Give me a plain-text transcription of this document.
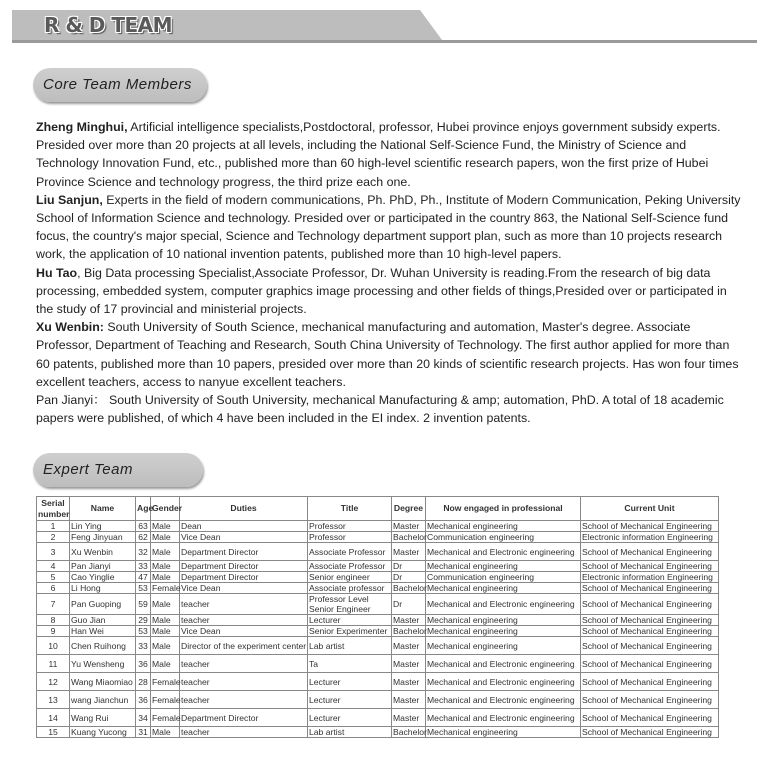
R & D TEAM
Core Team Members

Zheng Minghui, Artificial intelligence specialists,Postdoctoral, professor, Hubei province enjoys government subsidy experts. Presided over more than 20 projects at all levels, including the National Self-Science Fund, the Ministry of Science and Technology Innovation Fund, etc., published more than 60 high-level scientific research papers, won the first prize of Hubei Province Science and technology progress, the third prize each one.

Liu Sanjun, Experts in the field of modern communications, Ph. PhD, Ph., Institute of Modern Communication, Peking University School of Information Science and technology. Presided over or participated in the country 863, the National Self-Science fund focus, the country's major special, Science and Technology department support plan, such as more than 10 projects research work, the application of 10 national invention patents, published more than 10 high-level papers.

Hu Tao, Big Data processing Specialist,Associate Professor, Dr. Wuhan University is reading.From the research of big data processing, embedded system, computer graphics image processing and other fields of things,Presided over or participated in the study of 17 provincial and ministerial projects.

Xu Wenbin: South University of South Science, mechanical manufacturing and automation, Master's degree. Associate Professor, Department of Teaching and Research, South China University of Technology. The first author applied for more than 60 patents, published more than 10 papers, presided over more than 20 kinds of scientific research projects. Has won four times excellent teachers, access to nanyue excellent teachers.

Pan Jianyi： South University of South University, mechanical Manufacturing & amp; automation, PhD. A total of 18 academic papers were published, of which 4 have been included in the EI index. 2 invention patents.

Expert Team
Serial number	Name	Age	Gender	Duties	Title	Degree	Now engaged in professional	Current Unit
1	Lin Ying	63	Male	Dean	Professor	Master	Mechanical engineering	School of Mechanical Engineering
2	Feng Jinyuan	62	Male	Vice Dean	Professor	Bachelor	Communication engineering	Electronic information Engineering
3	Xu Wenbin	32	Male	Department Director	Associate Professor	Master	Mechanical and Electronic engineering	School of Mechanical Engineering
4	Pan Jianyi	33	Male	Department Director	Associate Professor	Dr	Mechanical engineering	School of Mechanical Engineering
5	Cao Yinglie	47	Male	Department Director	Senior engineer	Dr	Communication engineering	Electronic information Engineering
6	Li Hong	53	Female	Vice Dean	Associate professor	Bachelor	Mechanical engineering	School of Mechanical Engineering
7	Pan Guoping	59	Male	teacher	Professor Level Senior Engineer	Dr	Mechanical and Electronic engineering	School of Mechanical Engineering
8	Guo Jian	29	Male	teacher	Lecturer	Master	Mechanical engineering	School of Mechanical Engineering
9	Han Wei	53	Male	Vice Dean	Senior Experimenter	Bachelor	Mechanical engineering	School of Mechanical Engineering
10	Chen Ruihong	33	Male	Director of the experiment center	Lab artist	Master	Mechanical engineering	School of Mechanical Engineering
11	Yu Wensheng	36	Male	teacher	Ta	Master	Mechanical and Electronic engineering	School of Mechanical Engineering
12	Wang Miaomiao	28	Female	teacher	Lecturer	Master	Mechanical and Electronic engineering	School of Mechanical Engineering
13	wang Jianchun	36	Female	teacher	Lecturer	Master	Mechanical and Electronic engineering	School of Mechanical Engineering
14	Wang Rui	34	Female	Department Director	Lecturer	Master	Mechanical and Electronic engineering	School of Mechanical Engineering
15	Kuang Yucong	31	Male	teacher	Lab artist	Bachelor	Mechanical engineering	School of Mechanical Engineering
